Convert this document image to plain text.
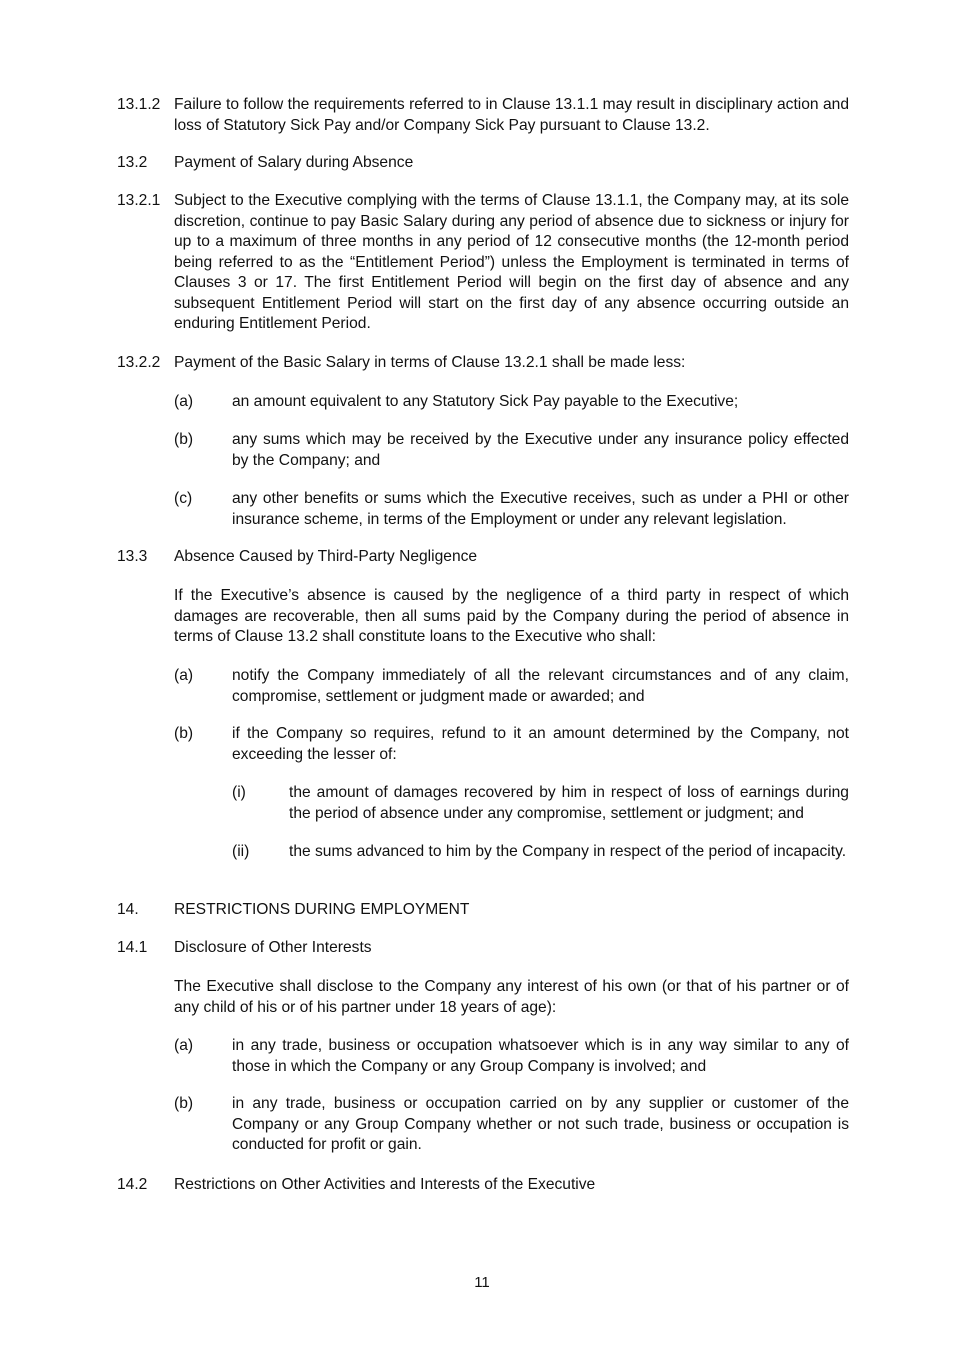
13.1.2 Failure to follow the requirements referred to in Clause 13.1.1 may result in disciplinary action and loss of Statutory Sick Pay and/or Company Sick Pay pursuant to Clause 13.2.
13.2 Payment of Salary during Absence
13.2.1 Subject to the Executive complying with the terms of Clause 13.1.1, the Company may, at its sole discretion, continue to pay Basic Salary during any period of absence due to sickness or injury for up to a maximum of three months in any period of 12 consecutive months (the 12-month period being referred to as the “Entitlement Period”) unless the Employment is terminated in terms of Clauses 3 or 17. The first Entitlement Period will begin on the first day of absence and any subsequent Entitlement Period will start on the first day of any absence occurring outside an enduring Entitlement Period.
13.2.2 Payment of the Basic Salary in terms of Clause 13.2.1 shall be made less:
(a) an amount equivalent to any Statutory Sick Pay payable to the Executive;
(b) any sums which may be received by the Executive under any insurance policy effected by the Company; and
(c)	any other benefits or sums which the Executive receives, such as under a PHI or other insurance scheme, in terms of the Employment or under any relevant legislation.
13.3 Absence Caused by Third-Party Negligence
If the Executive’s absence is caused by the negligence of a third party in respect of which damages are recoverable, then all sums paid by the Company during the period of absence in terms of Clause 13.2 shall constitute loans to the Executive who shall:
(a) notify the Company immediately of all the relevant circumstances and of any claim, compromise, settlement or judgment made or awarded; and
(b) if the Company so requires, refund to it an amount determined by the Company, not exceeding the lesser of:
(i)	the amount of damages recovered by him in respect of loss of earnings during the period of absence under any compromise, settlement or judgment; and
(ii)	the sums advanced to him by the Company in respect of the period of incapacity.
14. RESTRICTIONS DURING EMPLOYMENT
14.1 Disclosure of Other Interests
The Executive shall disclose to the Company any interest of his own (or that of his partner or of any child of his or of his partner under 18 years of age):
(a) in any trade, business or occupation whatsoever which is in any way similar to any of those in which the Company or any Group Company is involved; and
(b) in any trade, business or occupation carried on by any supplier or customer of the Company or any Group Company whether or not such trade, business or occupation is conducted for profit or gain.
14.2 Restrictions on Other Activities and Interests of the Executive
11
